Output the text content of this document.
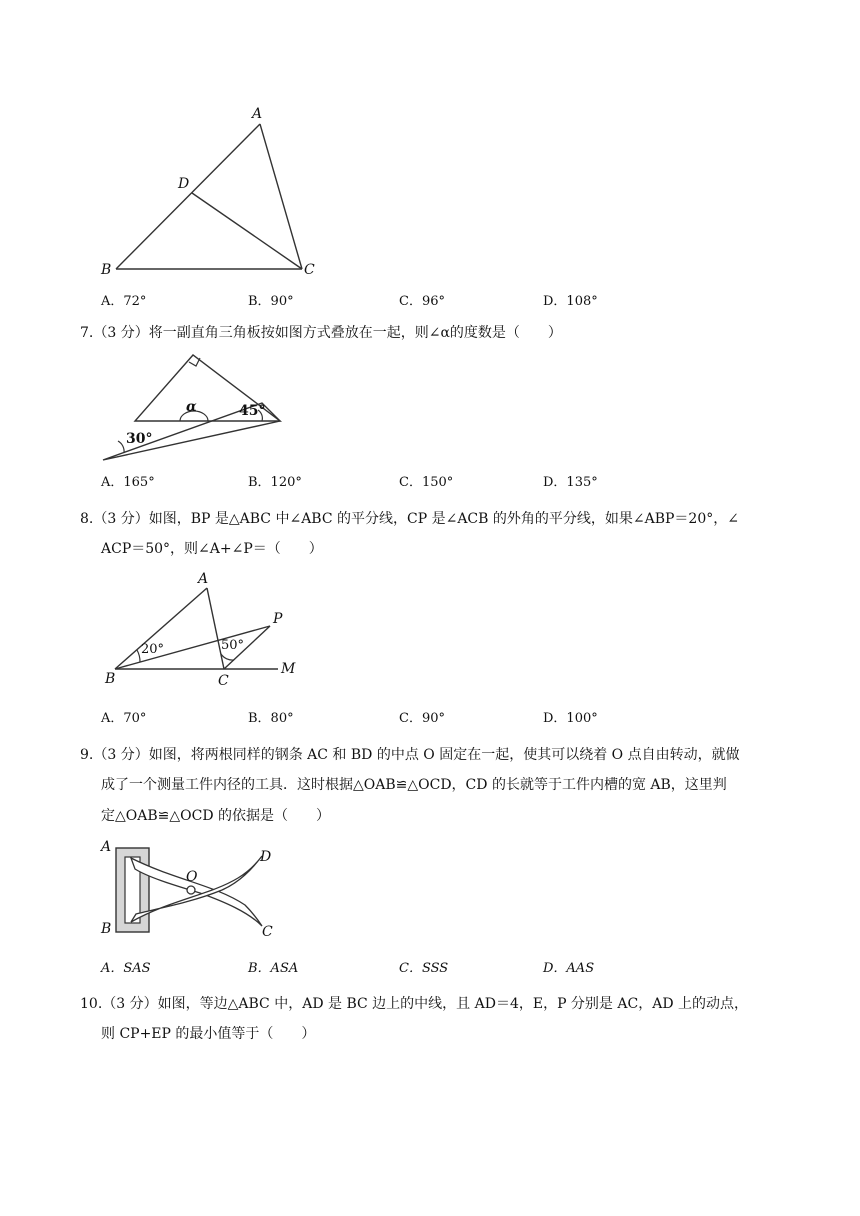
A
D
B	C
A．72°	B．90°	C．96°	D．108°
7.（3 分）将一副直角三角板按如图方式叠放在一起，则∠α的度数是（　　）
α	45°
30°
A．165°	B．120°	C．150°	D．135°
8.（3 分）如图，BP 是△ABC 中∠ABC 的平分线，CP 是∠ACB 的外角的平分线，如果∠ABP＝20°，∠
ACP＝50°，则∠A+∠P＝（　　）
A
P
B	C
M
20°	50°
A．70°	B．80°	C．90°	D．100°
9.（3 分）如图，将两根同样的钢条 AC 和 BD 的中点 O 固定在一起，使其可以绕着 O 点自由转动，就做
成了一个测量工件内径的工具．这时根据△OAB≌△OCD，CD 的长就等于工件内槽的宽 AB，这里判
定△OAB≌△OCD 的依据是（　　）
A
B
O
D
C
A．SAS	B．ASA	C．SSS	D．AAS
10.（3 分）如图，等边△ABC 中，AD 是 BC 边上的中线，且 AD＝4，E，P 分别是 AC，AD 上的动点，
则 CP+EP 的最小值等于（　　）
